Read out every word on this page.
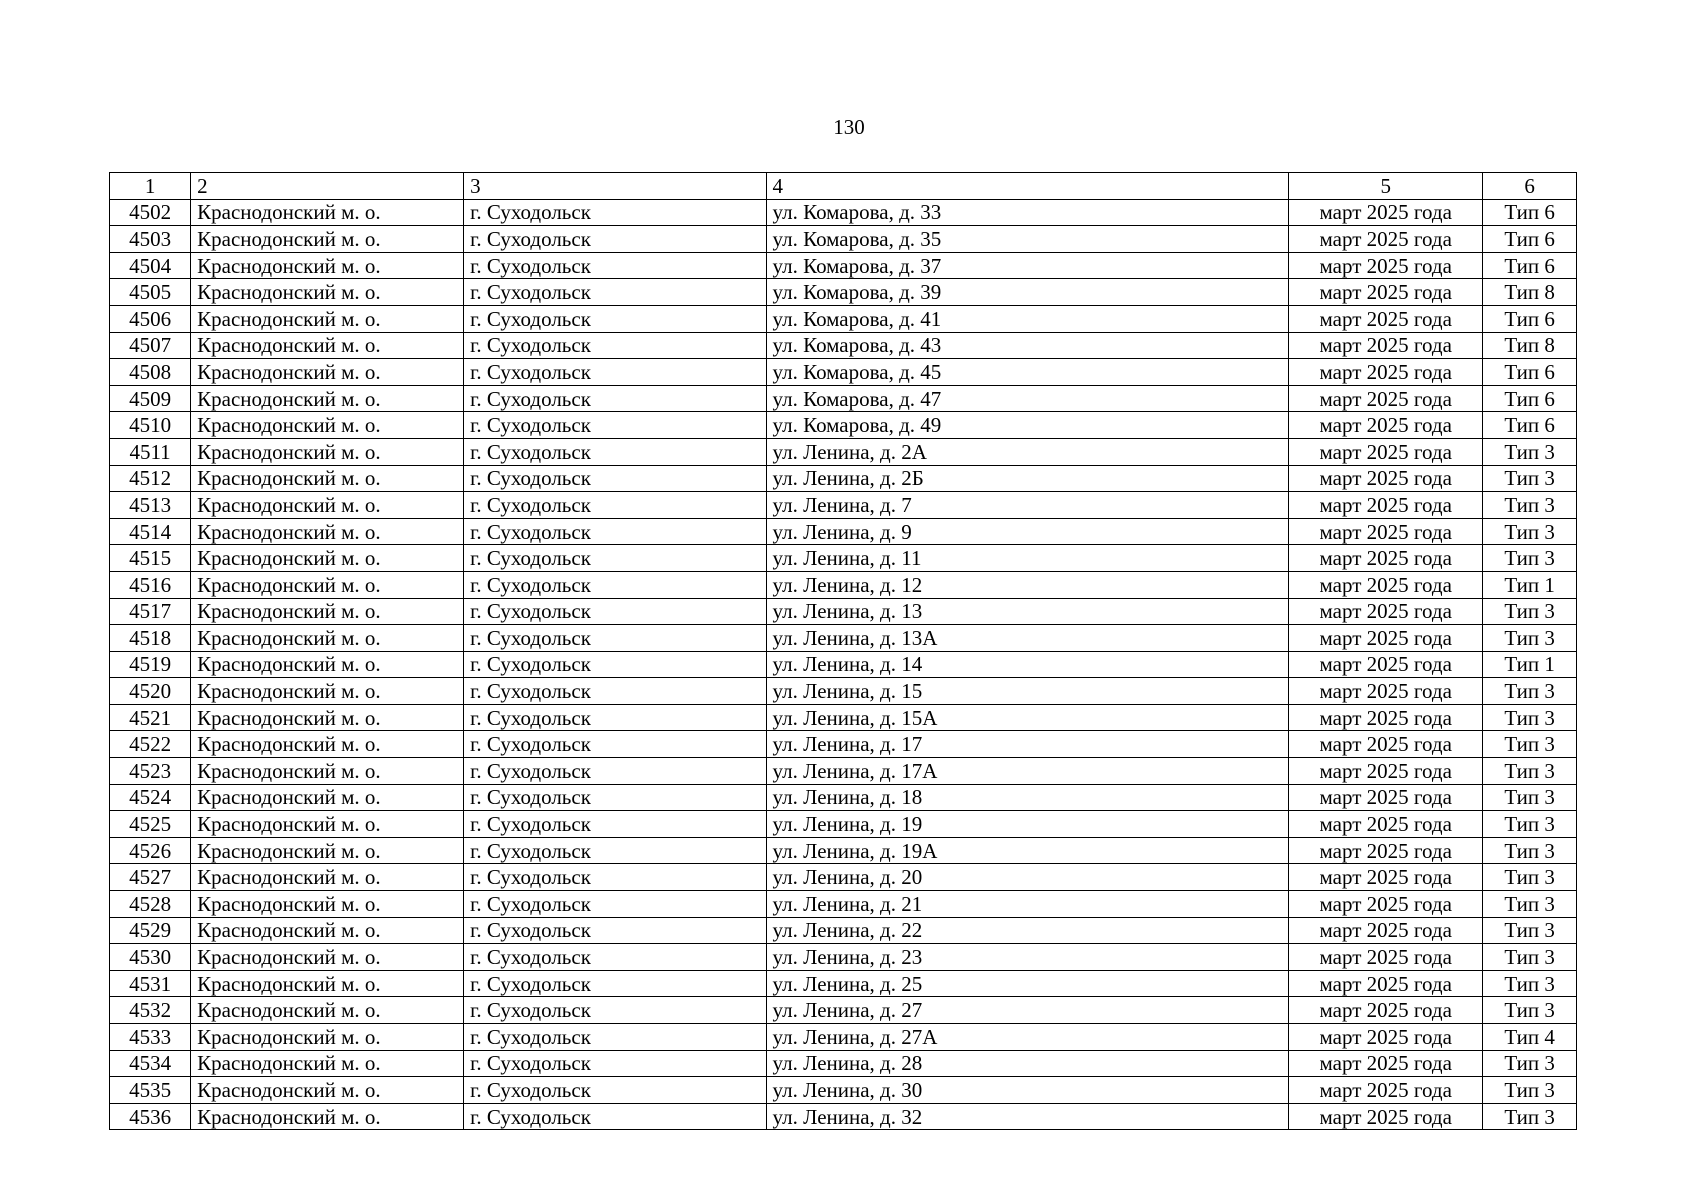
130
1	2	3	4	5	6
4502	Краснодонский м. о.	г. Суходольск	ул. Комарова, д. 33	март 2025 года	Тип 6
4503	Краснодонский м. о.	г. Суходольск	ул. Комарова, д. 35	март 2025 года	Тип 6
4504	Краснодонский м. о.	г. Суходольск	ул. Комарова, д. 37	март 2025 года	Тип 6
4505	Краснодонский м. о.	г. Суходольск	ул. Комарова, д. 39	март 2025 года	Тип 8
4506	Краснодонский м. о.	г. Суходольск	ул. Комарова, д. 41	март 2025 года	Тип 6
4507	Краснодонский м. о.	г. Суходольск	ул. Комарова, д. 43	март 2025 года	Тип 8
4508	Краснодонский м. о.	г. Суходольск	ул. Комарова, д. 45	март 2025 года	Тип 6
4509	Краснодонский м. о.	г. Суходольск	ул. Комарова, д. 47	март 2025 года	Тип 6
4510	Краснодонский м. о.	г. Суходольск	ул. Комарова, д. 49	март 2025 года	Тип 6
4511	Краснодонский м. о.	г. Суходольск	ул. Ленина, д. 2А	март 2025 года	Тип 3
4512	Краснодонский м. о.	г. Суходольск	ул. Ленина, д. 2Б	март 2025 года	Тип 3
4513	Краснодонский м. о.	г. Суходольск	ул. Ленина, д. 7	март 2025 года	Тип 3
4514	Краснодонский м. о.	г. Суходольск	ул. Ленина, д. 9	март 2025 года	Тип 3
4515	Краснодонский м. о.	г. Суходольск	ул. Ленина, д. 11	март 2025 года	Тип 3
4516	Краснодонский м. о.	г. Суходольск	ул. Ленина, д. 12	март 2025 года	Тип 1
4517	Краснодонский м. о.	г. Суходольск	ул. Ленина, д. 13	март 2025 года	Тип 3
4518	Краснодонский м. о.	г. Суходольск	ул. Ленина, д. 13А	март 2025 года	Тип 3
4519	Краснодонский м. о.	г. Суходольск	ул. Ленина, д. 14	март 2025 года	Тип 1
4520	Краснодонский м. о.	г. Суходольск	ул. Ленина, д. 15	март 2025 года	Тип 3
4521	Краснодонский м. о.	г. Суходольск	ул. Ленина, д. 15А	март 2025 года	Тип 3
4522	Краснодонский м. о.	г. Суходольск	ул. Ленина, д. 17	март 2025 года	Тип 3
4523	Краснодонский м. о.	г. Суходольск	ул. Ленина, д. 17А	март 2025 года	Тип 3
4524	Краснодонский м. о.	г. Суходольск	ул. Ленина, д. 18	март 2025 года	Тип 3
4525	Краснодонский м. о.	г. Суходольск	ул. Ленина, д. 19	март 2025 года	Тип 3
4526	Краснодонский м. о.	г. Суходольск	ул. Ленина, д. 19А	март 2025 года	Тип 3
4527	Краснодонский м. о.	г. Суходольск	ул. Ленина, д. 20	март 2025 года	Тип 3
4528	Краснодонский м. о.	г. Суходольск	ул. Ленина, д. 21	март 2025 года	Тип 3
4529	Краснодонский м. о.	г. Суходольск	ул. Ленина, д. 22	март 2025 года	Тип 3
4530	Краснодонский м. о.	г. Суходольск	ул. Ленина, д. 23	март 2025 года	Тип 3
4531	Краснодонский м. о.	г. Суходольск	ул. Ленина, д. 25	март 2025 года	Тип 3
4532	Краснодонский м. о.	г. Суходольск	ул. Ленина, д. 27	март 2025 года	Тип 3
4533	Краснодонский м. о.	г. Суходольск	ул. Ленина, д. 27А	март 2025 года	Тип 4
4534	Краснодонский м. о.	г. Суходольск	ул. Ленина, д. 28	март 2025 года	Тип 3
4535	Краснодонский м. о.	г. Суходольск	ул. Ленина, д. 30	март 2025 года	Тип 3
4536	Краснодонский м. о.	г. Суходольск	ул. Ленина, д. 32	март 2025 года	Тип 3
